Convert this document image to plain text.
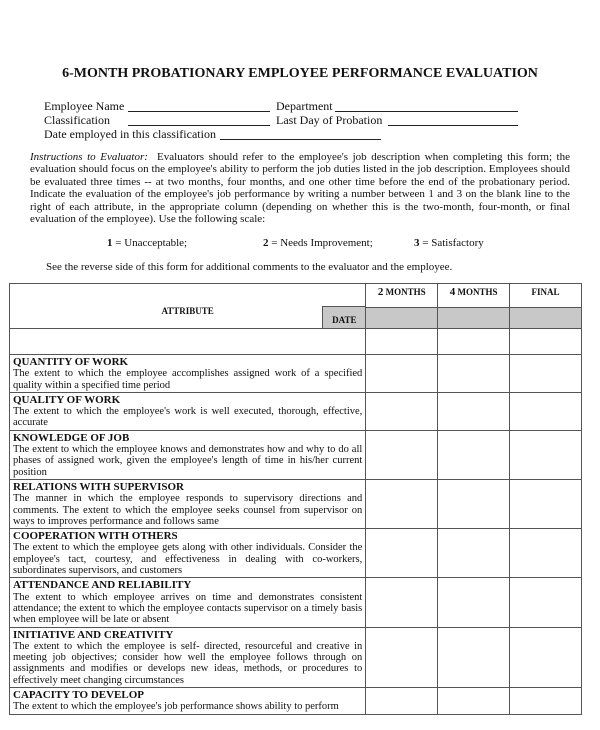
6-MONTH PROBATIONARY EMPLOYEE PERFORMANCE EVALUATION
Employee Name	Department
Classification	Last Day of Probation
Date employed in this classification
Instructions to Evaluator: Evaluators should refer to the employee's job description when completing this form; the evaluation should focus on the employee's ability to perform the job duties listed in the job description. Employees should be evaluated three times -- at two months, four months, and one other time before the end of the probationary period. Indicate the evaluation of the employee's job performance by writing a number between 1 and 3 on the blank line to the right of each attribute, in the appropriate column (depending on whether this is the two-month, four-month, or final evaluation of the employee). Use the following scale:
1 = Unacceptable;	2 = Needs Improvement;	3 = Satisfactory
See the reverse side of this form for additional comments to the evaluator and the employee.
ATTRIBUTE
DATE	2 MONTHS	4 MONTHS	FINAL

QUANTITY OF WORK
The extent to which the employee accomplishes assigned work of a specified quality within a specified time period			

QUALITY OF WORK
The extent to which the employee's work is well executed, thorough, effective, accurate			

KNOWLEDGE OF JOB
The extent to which the employee knows and demonstrates how and why to do all phases of assigned work, given the employee's length of time in his/her current position			

RELATIONS WITH SUPERVISOR
The manner in which the employee responds to supervisory directions and comments. The extent to which the employee seeks counsel from supervisor on ways to improves performance and follows same			

COOPERATION WITH OTHERS
The extent to which the employee gets along with other individuals. Consider the employee's tact, courtesy, and effectiveness in dealing with co-workers, subordinates supervisors, and customers			

ATTENDANCE AND RELIABILITY
The extent to which employee arrives on time and demonstrates consistent attendance; the extent to which the employee contacts supervisor on a timely basis when employee will be late or absent			

INITIATIVE AND CREATIVITY
The extent to which the employee is self- directed, resourceful and creative in meeting job objectives; consider how well the employee follows through on assignments and modifies or develops new ideas, methods, or procedures to effectively meet changing circumstances			

CAPACITY TO DEVELOP
The extent to which the employee's job performance shows ability to perform			
